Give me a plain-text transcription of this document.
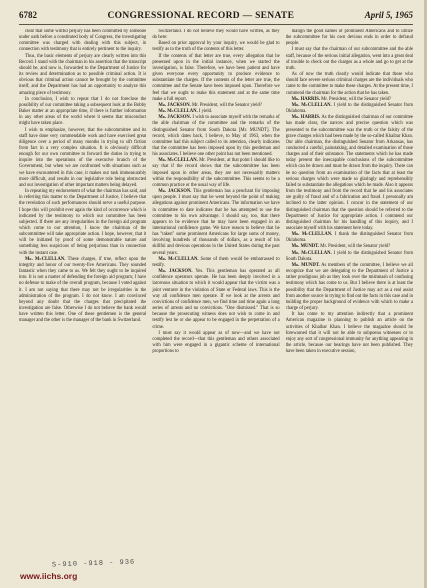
6782	CONGRESSIONAL RECORD — SENATE	April 5, 1965

clear that some willful perjury has been committed by someone under oath before a constituted body of Congress, the investigating committee was charged with dealing with this subject, in connection with testimony that is entirely pertinent to the inquiry.

Thus, the basic elements of perjury are clearly written into this Record. I stand with the chairman in his assertion that the transcript should be, and now is, forwarded to the Department of Justice for its review and determination as to possible criminal action. It is obvious that criminal action cannot be brought by the committee itself, and the Department has had an opportunity to analyze this amazing piece of testimony.

In conclusion, I wish to repeat that I do not foreclose the possibility of our committee taking a subsequent look at the Bobby Baker matter at an appropriate time, if there is further information in any other areas of the world where it seems that misconduct might have taken place.

I wish to emphasize, however, that the subcommittee and its staff have done very commendable work and have exercised great diligence over a period of many months in trying to sift fiction from fact in a very complex situation. It is obviously difficult enough for our own committee to forward the duties in trying to inquire into the operations of the executive branch of the Government, but when we are confronted with situations such as we have encountered in this case, it makes our task immeasurably more difficult, and results in our legislative role being obstructed and our investigation of other important matters being delayed.

In repeating my endorsement of what the chairman has said, and in referring this matter to the Department of Justice, I believe that the revelation of such performances should serve a useful purpose. I hope this will prohibit ever again the kind of occurrence which is indicated by the testimony to which our committee has been subjected. If there are any irregularities in the foreign aid program which come to our attention, I know the chairman of the subcommittee will take appropriate action. I hope, however, that it will be initiated by proof of some demonstrable nature and something less suspicious of being perjurious than in connection with the instant case.

Mr. McCLELLAN. These charges, if true, reflect upon the integrity and honor of our twenty-five Americans. They sounded fantastic when they came to us. We felt they ought to be inquired into. It is not a matter of defending the foreign aid program; I have no defense to make of the overall program, because I voted against it. I am not saying that there may not be irregularities in the administration of the program. I do not know. I am convinced beyond any doubt that the charges that precipitated the investigation are false. Otherwise I do not believe the bank would have written this letter. One of these gentlemen is the general manager and the other is the manager of the bank in Switzerland.

Switzerland. I do not believe they would have written, as they do here:

Based on prior approval by your inquiry, we would be glad to testify as to the truth of the contents of this letter.

If the contents of that letter are true, every allegation that he presented upon in the initial instance, when we started the investigation, is false. Therefore, we have been patient and have given everyone every opportunity to produce evidence to substantiate the charges. If the contents of the letter are true, the committee and the Senate have been imposed upon. Therefore we feel that we ought to make this statement and at the same time make a full report.

Mr. JACKSON. Mr. President, will the Senator yield?

Mr. McCLELLAN. I yield.

Mr. JACKSON. I wish to associate myself with the remarks of the able chairman of the committee and the remarks of the distinguished Senator from South Dakota [Mr. MUNDT]. The record, which dates back, I believe, to May of 1963, when the committee had this subject called to its attention, clearly indicates that the committee has been imposed upon by this gentleman and his associates. I believe one other point has not been mentioned.

Mr. McCLELLAN. Mr. President, at that point I should like to say that if the record shows that the subcommittee has been imposed upon in other areas, they are not necessarily matters within the responsibility of the subcommittee. This seems to be a common practice or the usual way of life.

Mr. JACKSON. This gentleman has a penchant for imposing upon people. I must say that he went beyond the point of making allegations against prominent Americans. The information we have in committee to date indicates that he has attempted to use the committee to his own advantage. I should say, too, that there appears to be evidence that he may have been engaged in an international confidence game. We have reason to believe that he has "taken" some prominent Americans for large sums of money, involving hundreds of thousands of dollars, as a result of his skillful and devious operations in the United States during the past several years.

Mr. McCLELLAN. Some of them would be embarrassed to testify.

Mr. JACKSON. Yes. This gentleman has operated as all confidence operators operate. He has been deeply involved in a larcenous situation to which it would appear that the victim was a joint venturer in the violation of State or Federal laws. This is the way all confidence men operate. If we look at the arrests and convictions of confidence men, we find time and time again a long series of arrests and no convictions. "One dismissed." That is so because the prosecuting witness does not wish to come in and testify lest he or she appear to be engaged in the perpetration of a crime.

I must say it would appear as of now—and we have not completed the record—that this gentleman and others associated with him were engaged in a gigantic scheme of international proportions to

malign the good names of prominent Americans and to utilize the subcommittee for his own devious ends in order to defraud people.

I must say that the chairman of our subcommittee and the able staff, because of the serious initial allegation, went into a great deal of trouble to check out the charges as a whole and go to get at the truth.

As of now the truth clearly would indicate that those who should face severe serious criminal charges are the individuals who came to the committee to make these charges. At the present time, I commend the chairman for the action that he has taken.

Mr. HARRIS. Mr. President, will the Senator yield?

Mr. McCLELLAN. I yield to the distinguished Senator from Oklahoma.

Mr. HARRIS. As the distinguished chairman of our committee has made clear, the narrow and precise question which was presented to the subcommittee was the truth or the falsity of the grave charges which had been made by the so-called Khaibar Khan. Our able chairman, the distinguished Senator from Arkansas, has conducted a careful, painstaking, and detailed examination of those charges and of their substance. The statements which he has made today present the inescapable conclusions of the subcommittee which can be drawn and must be drawn from the inquiry. There can be no question from an examination of the facts that at least the serious charges which were made so glaringly and reprehensibly failed to substantiate the allegations which he made. Also it appears from the testimony and from the record that he and his associates are guilty of fraud and of a fabrication and fraud. I personally am inclined to the latter opinion. I concur in the statement of our distinguished chairman that the question should be referred to the Department of Justice for appropriate action. I commend our distinguished chairman for his handling of this inquiry, and I associate myself with his statement here today.

Mr. McCLELLAN. I thank the distinguished Senator from Oklahoma.

Mr. MUNDT. Mr. President, will the Senator yield?

Mr. McCLELLAN. I yield to the distinguished Senator from South Dakota.

Mr. MUNDT. As members of the committee, I believe we all recognize that we are delegating to the Department of Justice a rather prodigious job as they look over the mishmash of confusing testimony which has come to us. But I believe there is at least the possibility that the Department of Justice may act as a real assist from another source in trying to find out the facts in this case and in building the proper background of evidence with which to make a charge of perjury.

It has come to my attention indirectly that a prominent American magazine is planning to publish an article on the activities of Khaibar Khan. I believe the magazine should be forewarned that it will not be able to subpoena witnesses or to enjoy any sort of congressional immunity for anything appearing in the article, because our hearings have not been published. They have been taken in executive session,

S-910 -918 - 936
www.iichs.org
